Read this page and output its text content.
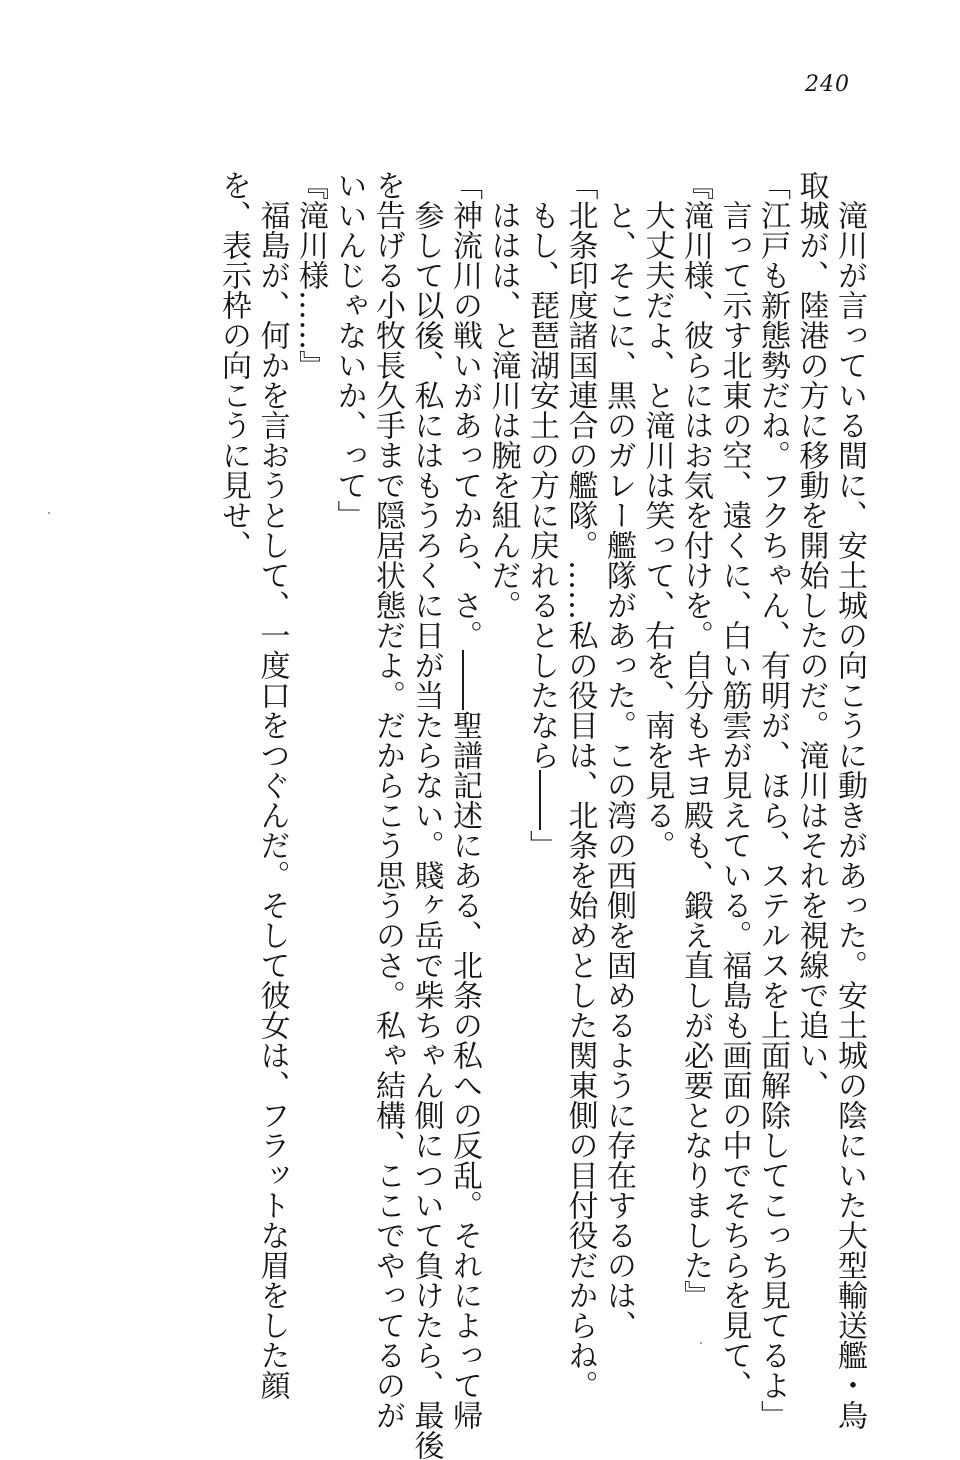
240
滝川が言っている間に、安土城の向こうに動きがあった。安土城の陰にいた大型輸送艦・鳥
取城が、陸港の方に移動を開始したのだ。滝川はそれを視線で追い、
「江戸も新態勢だね。フクちゃん、有明が、ほら、ステルスを上面解除してこっち見てるよ」
言って示す北東の空、遠くに、白い筋雲が見えている。福島も画面の中でそちらを見て、
『滝川様、彼らにはお気を付けを。自分もキヨ殿も、鍛え直しが必要となりました』
大丈夫だよ、と滝川は笑って、右を、南を見る。
と、そこに、黒のガレー艦隊があった。この湾の西側を固めるように存在するのは、
「北条印度諸国連合の艦隊。……私の役目は、北条を始めとした関東側の目付役だからね。
もし、琵琶湖安土の方に戻れるとしたなら――」
ははは、と滝川は腕を組んだ。
「神流川の戦いがあってから、さ。――聖譜記述にある、北条の私への反乱。それによって帰
参して以後、私にはもうろくに日が当たらない。賤ヶ岳で柴ちゃん側について負けたら、最後
を告げる小牧長久手まで隠居状態だよ。だからこう思うのさ。私ゃ結構、ここでやってるのが
いいんじゃないか、って」
『滝川様……』
福島が、何かを言おうとして、一度口をつぐんだ。そして彼女は、フラットな眉をした顔
を、表示枠の向こうに見せ、
